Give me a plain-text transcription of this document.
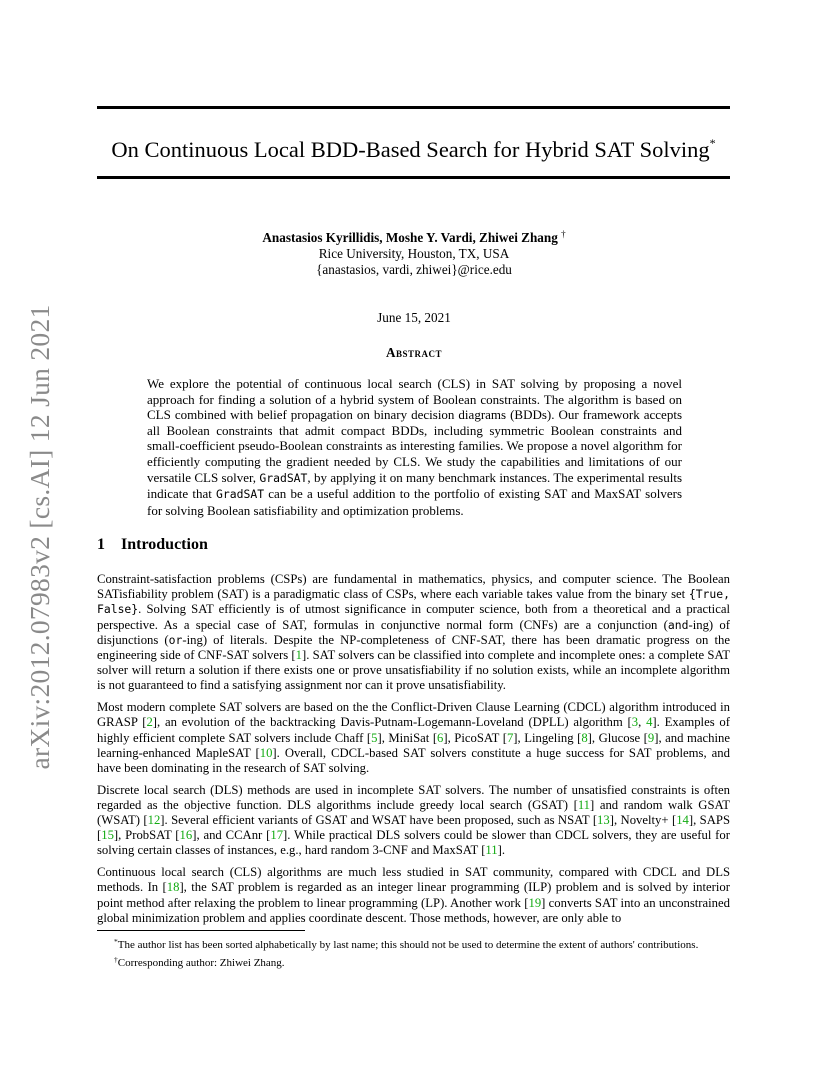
arXiv:2012.07983v2 [cs.AI] 12 Jun 2021
On Continuous Local BDD-Based Search for Hybrid SAT Solving*
Anastasios Kyrillidis, Moshe Y. Vardi, Zhiwei Zhang †
Rice University, Houston, TX, USA
{anastasios, vardi, zhiwei}@rice.edu
June 15, 2021
Abstract

We explore the potential of continuous local search (CLS) in SAT solving by proposing a novel approach for finding a solution of a hybrid system of Boolean constraints. The algorithm is based on CLS combined with belief propagation on binary decision diagrams (BDDs). Our framework accepts all Boolean constraints that admit compact BDDs, including symmetric Boolean constraints and small-coefficient pseudo-Boolean constraints as interesting families. We propose a novel algorithm for efficiently computing the gradient needed by CLS. We study the capabilities and limitations of our versatile CLS solver, GradSAT, by applying it on many benchmark instances. The experimental results indicate that GradSAT can be a useful addition to the portfolio of existing SAT and MaxSAT solvers for solving Boolean satisfiability and optimization problems.

1 Introduction

Constraint-satisfaction problems (CSPs) are fundamental in mathematics, physics, and computer science. The Boolean SATisfiability problem (SAT) is a paradigmatic class of CSPs, where each variable takes value from the binary set {True, False}. Solving SAT efficiently is of utmost significance in computer science, both from a theoretical and a practical perspective. As a special case of SAT, formulas in conjunctive normal form (CNFs) are a conjunction (and-ing) of disjunctions (or-ing) of literals. Despite the NP-completeness of CNF-SAT, there has been dramatic progress on the engineering side of CNF-SAT solvers [1]. SAT solvers can be classified into complete and incomplete ones: a complete SAT solver will return a solution if there exists one or prove unsatisfiability if no solution exists, while an incomplete algorithm is not guaranteed to find a satisfying assignment nor can it prove unsatisfiability.

Most modern complete SAT solvers are based on the the Conflict-Driven Clause Learning (CDCL) algorithm introduced in GRASP [2], an evolution of the backtracking Davis-Putnam-Logemann-Loveland (DPLL) algorithm [3, 4]. Examples of highly efficient complete SAT solvers include Chaff [5], MiniSat [6], PicoSAT [7], Lingeling [8], Glucose [9], and machine learning-enhanced MapleSAT [10]. Overall, CDCL-based SAT solvers constitute a huge success for SAT problems, and have been dominating in the research of SAT solving.

Discrete local search (DLS) methods are used in incomplete SAT solvers. The number of unsatisfied constraints is often regarded as the objective function. DLS algorithms include greedy local search (GSAT) [11] and random walk GSAT (WSAT) [12]. Several efficient variants of GSAT and WSAT have been proposed, such as NSAT [13], Novelty+ [14], SAPS [15], ProbSAT [16], and CCAnr [17]. While practical DLS solvers could be slower than CDCL solvers, they are useful for solving certain classes of instances, e.g., hard random 3-CNF and MaxSAT [11].

Continuous local search (CLS) algorithms are much less studied in SAT community, compared with CDCL and DLS methods. In [18], the SAT problem is regarded as an integer linear programming (ILP) problem and is solved by interior point method after relaxing the problem to linear programming (LP). Another work [19] converts SAT into an unconstrained global minimization problem and applies coordinate descent. Those methods, however, are only able to

*The author list has been sorted alphabetically by last name; this should not be used to determine the extent of authors' contributions.

†Corresponding author: Zhiwei Zhang.
